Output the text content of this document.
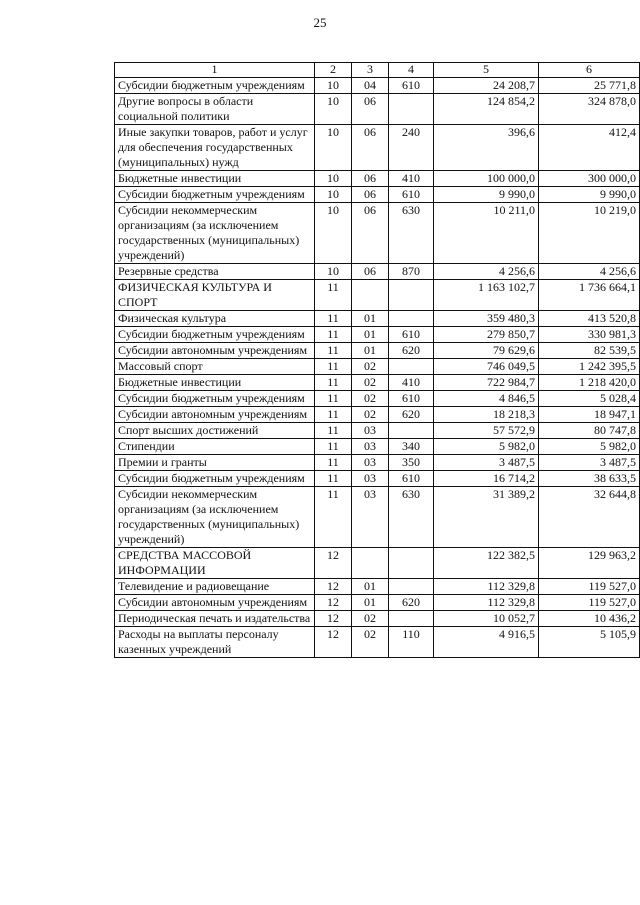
25
1	2	3	4	5	6
Субсидии бюджетным учреждениям	10	04	610	24 208,7	25 771,8
Другие вопросы в области социальной политики	10	06		124 854,2	324 878,0
Иные закупки товаров, работ и услуг для обеспечения государственных (муниципальных) нужд	10	06	240	396,6	412,4
Бюджетные инвестиции	10	06	410	100 000,0	300 000,0
Субсидии бюджетным учреждениям	10	06	610	9 990,0	9 990,0
Субсидии некоммерческим организациям (за исключением государственных (муниципальных) учреждений)	10	06	630	10 211,0	10 219,0
Резервные средства	10	06	870	4 256,6	4 256,6
ФИЗИЧЕСКАЯ КУЛЬТУРА И СПОРТ	11			1 163 102,7	1 736 664,1
Физическая культура	11	01		359 480,3	413 520,8
Субсидии бюджетным учреждениям	11	01	610	279 850,7	330 981,3
Субсидии автономным учреждениям	11	01	620	79 629,6	82 539,5
Массовый спорт	11	02		746 049,5	1 242 395,5
Бюджетные инвестиции	11	02	410	722 984,7	1 218 420,0
Субсидии бюджетным учреждениям	11	02	610	4 846,5	5 028,4
Субсидии автономным учреждениям	11	02	620	18 218,3	18 947,1
Спорт высших достижений	11	03		57 572,9	80 747,8
Стипендии	11	03	340	5 982,0	5 982,0
Премии и гранты	11	03	350	3 487,5	3 487,5
Субсидии бюджетным учреждениям	11	03	610	16 714,2	38 633,5
Субсидии некоммерческим организациям (за исключением государственных (муниципальных) учреждений)	11	03	630	31 389,2	32 644,8
СРЕДСТВА МАССОВОЙ ИНФОРМАЦИИ	12			122 382,5	129 963,2
Телевидение и радиовещание	12	01		112 329,8	119 527,0
Субсидии автономным учреждениям	12	01	620	112 329,8	119 527,0
Периодическая печать и издательства	12	02		10 052,7	10 436,2
Расходы на выплаты персоналу казенных учреждений	12	02	110	4 916,5	5 105,9
